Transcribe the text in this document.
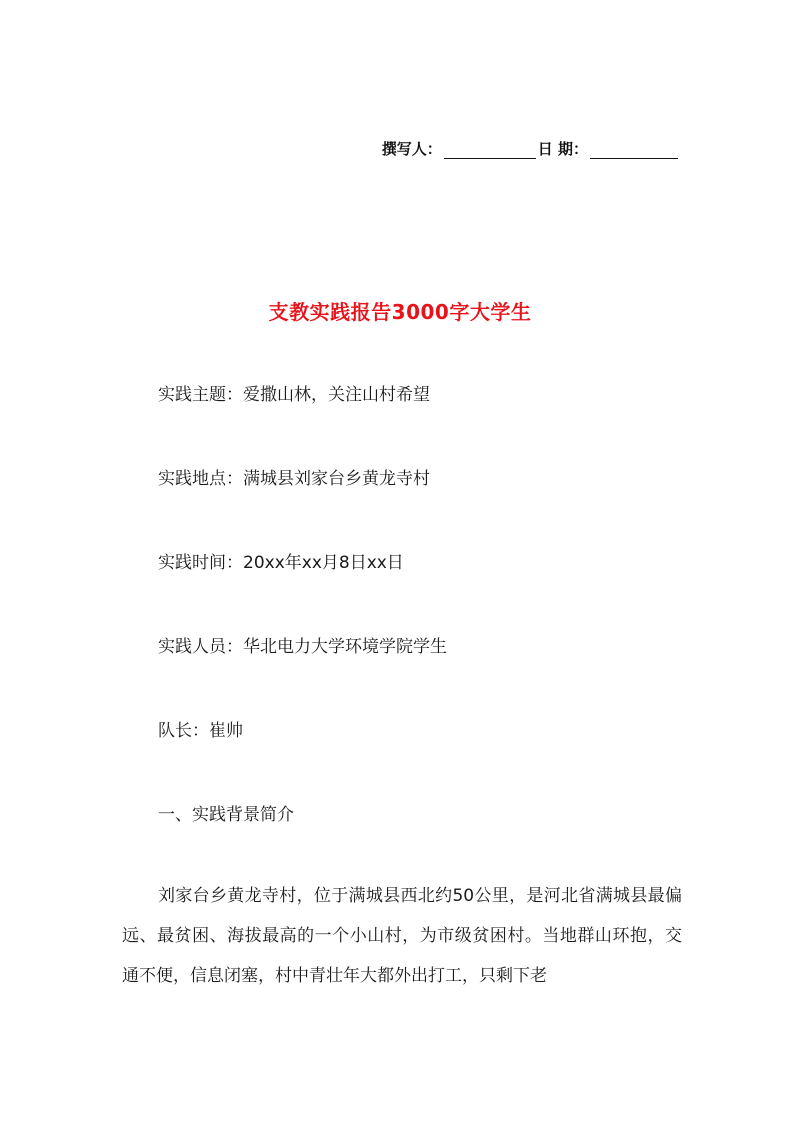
撰写人：	日 期：
支教实践报告3000字大学生
实践主题：爱撒山林，关注山村希望
实践地点：满城县刘家台乡黄龙寺村
实践时间：20xx年xx月8日xx日
实践人员：华北电力大学环境学院学生
队长：崔帅
一、实践背景简介
刘家台乡黄龙寺村，位于满城县西北约50公里，是河北省满城县最偏远、最贫困、海拔最高的一个小山村，为市级贫困村。当地群山环抱，交通不便，信息闭塞，村中青壮年大都外出打工，只剩下老
